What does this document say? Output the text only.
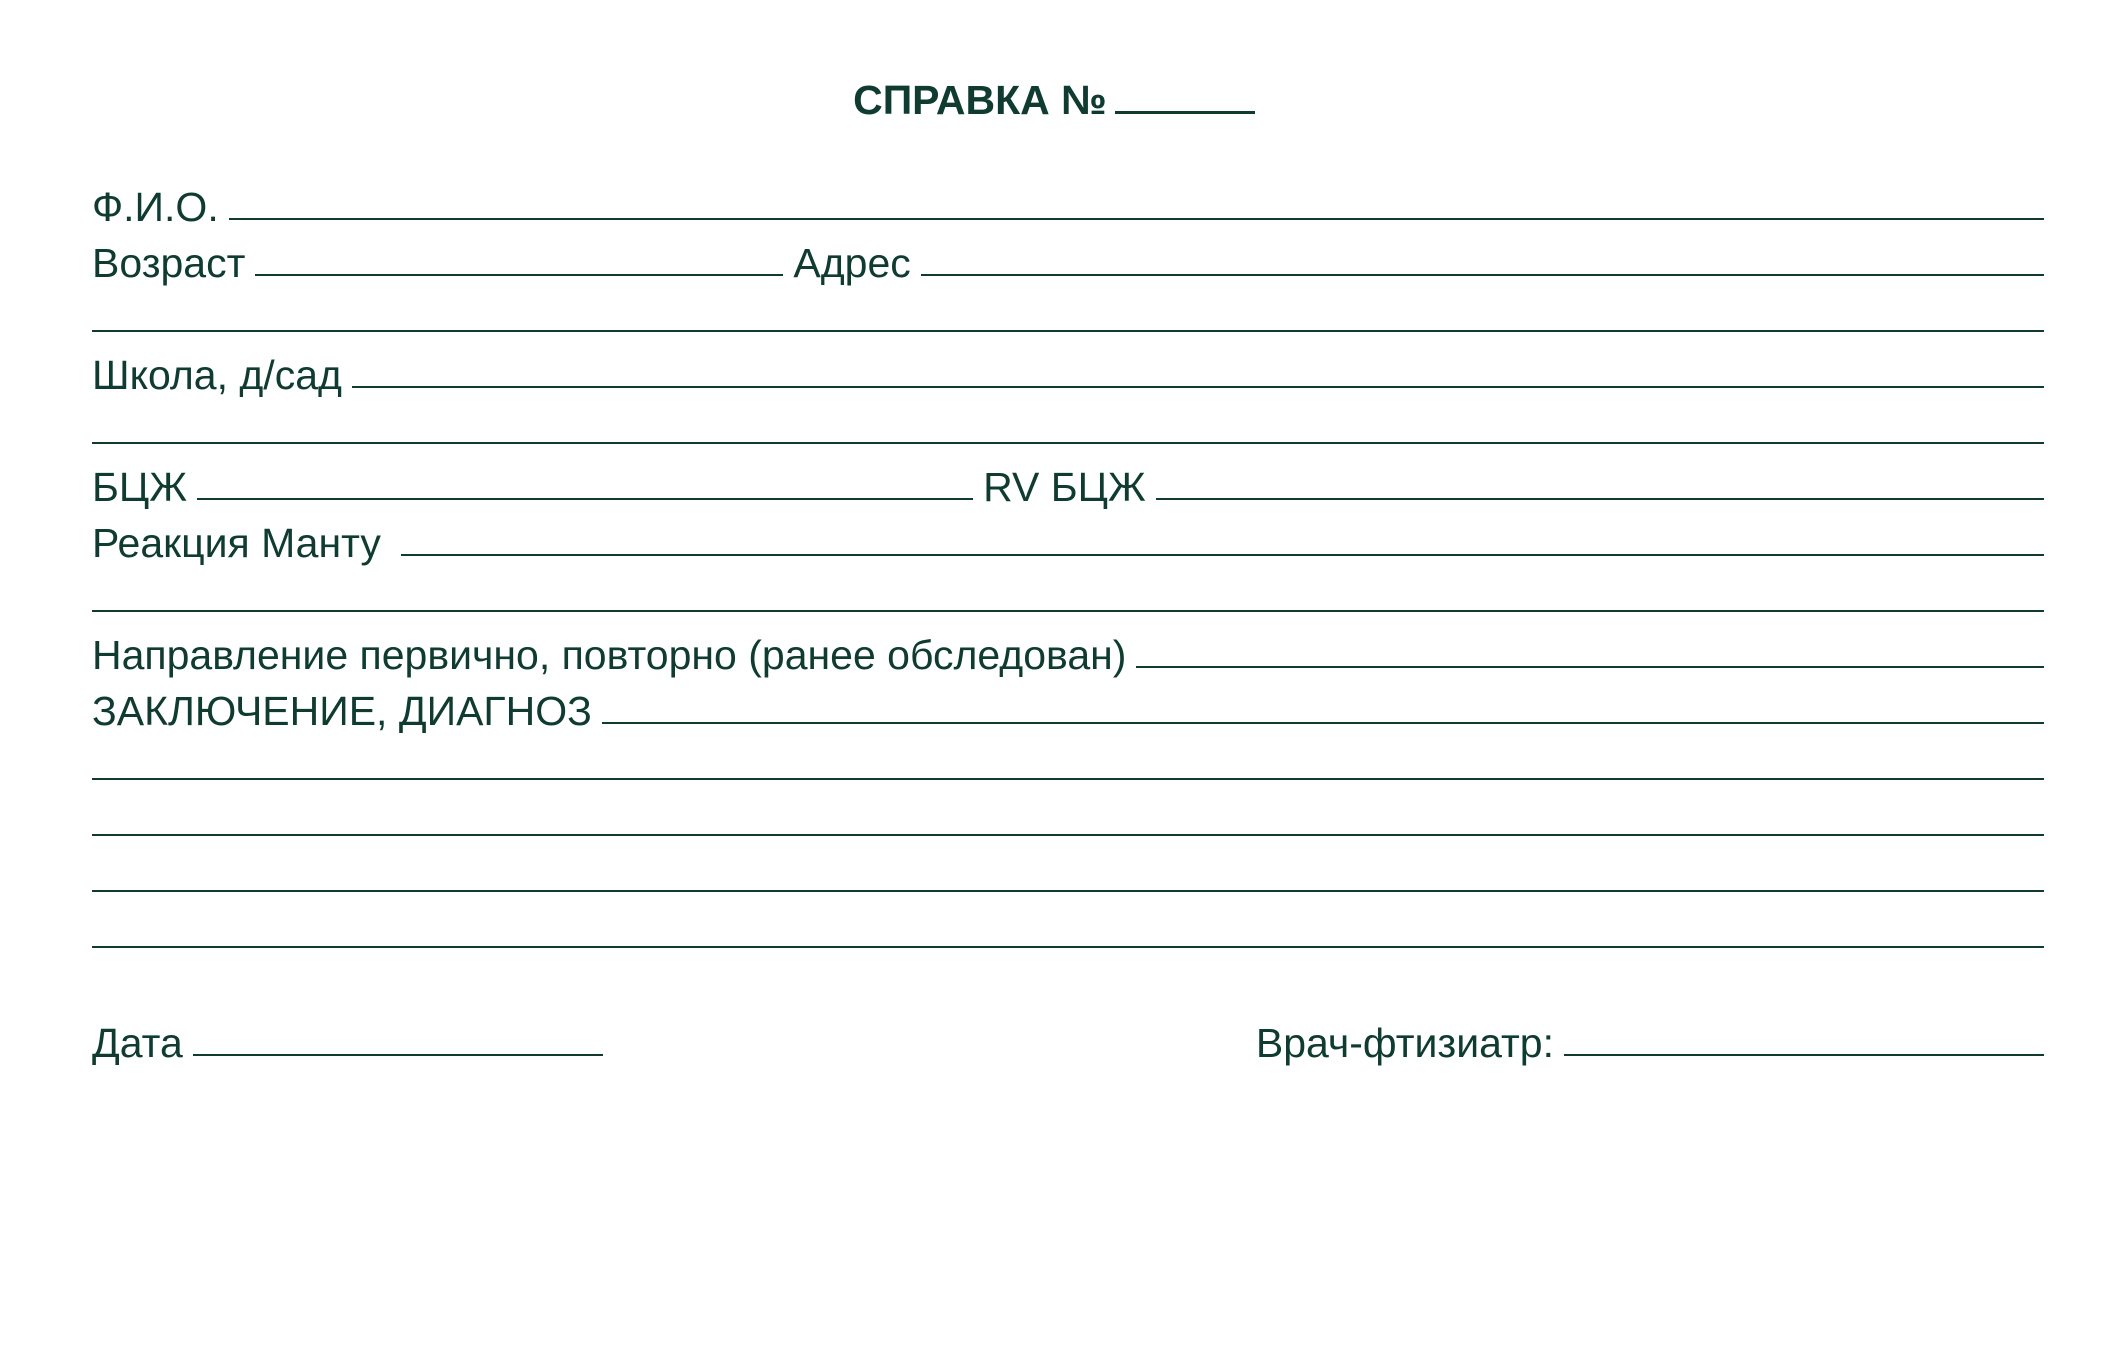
СПРАВКА №
Ф.И.О.
Возраст	Адрес
Школа, д/сад
БЦЖ	RV БЦЖ
Реакция Манту
Направление первично, повторно (ранее обследован)
ЗАКЛЮЧЕНИЕ, ДИАГНОЗ
Дата	Врач-фтизиатр:
